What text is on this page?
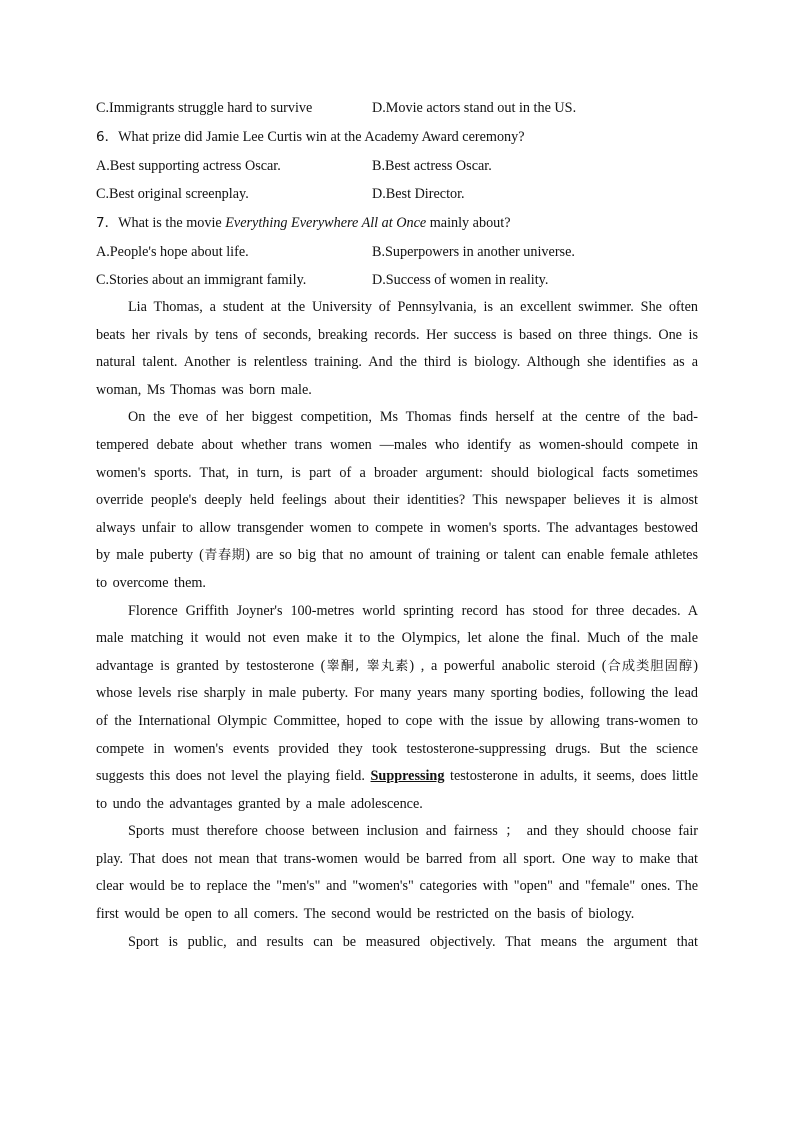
C.Immigrants struggle hard to survive	D.Movie actors stand out in the US.
6．What prize did Jamie Lee Curtis win at the Academy Award ceremony?
A.Best supporting actress Oscar.	B.Best actress Oscar.
C.Best original screenplay.	D.Best Director.
7．What is the movie Everything Everywhere All at Once mainly about?
A.People's hope about life.	B.Superpowers in another universe.
C.Stories about an immigrant family.	D.Success of women in reality.

Lia Thomas, a student at the University of Pennsylvania, is an excellent swimmer. She often beats her rivals by tens of seconds, breaking records. Her success is based on three things. One is natural talent. Another is relentless training. And the third is biology. Although she identifies as a woman, Ms Thomas was born male.

On the eve of her biggest competition, Ms Thomas finds herself at the centre of the bad-tempered debate about whether trans women —males who identify as women-should compete in women's sports. That, in turn, is part of a broader argument: should biological facts sometimes override people's deeply held feelings about their identities? This newspaper believes it is almost always unfair to allow transgender women to compete in women's sports. The advantages bestowed by male puberty (青春期) are so big that no amount of training or talent can enable female athletes to overcome them.

Florence Griffith Joyner's 100-metres world sprinting record has stood for three decades. A male matching it would not even make it to the Olympics, let alone the final. Much of the male advantage is granted by testosterone (睾酮, 睾丸素) , a powerful anabolic steroid (合成类胆固醇) whose levels rise sharply in male puberty. For many years many sporting bodies, following the lead of the International Olympic Committee, hoped to cope with the issue by allowing trans-women to compete in women's events provided they took testosterone-suppressing drugs. But the science suggests this does not level the playing field. Suppressing testosterone in adults, it seems, does little to undo the advantages granted by a male adolescence.

Sports must therefore choose between inclusion and fairness ； and they should choose fair play. That does not mean that trans-women would be barred from all sport. One way to make that clear would be to replace the "men's" and "women's" categories with "open" and "female" ones. The first would be open to all comers. The second would be restricted on the basis of biology.

Sport is public, and results can be measured objectively. That means the argument that
